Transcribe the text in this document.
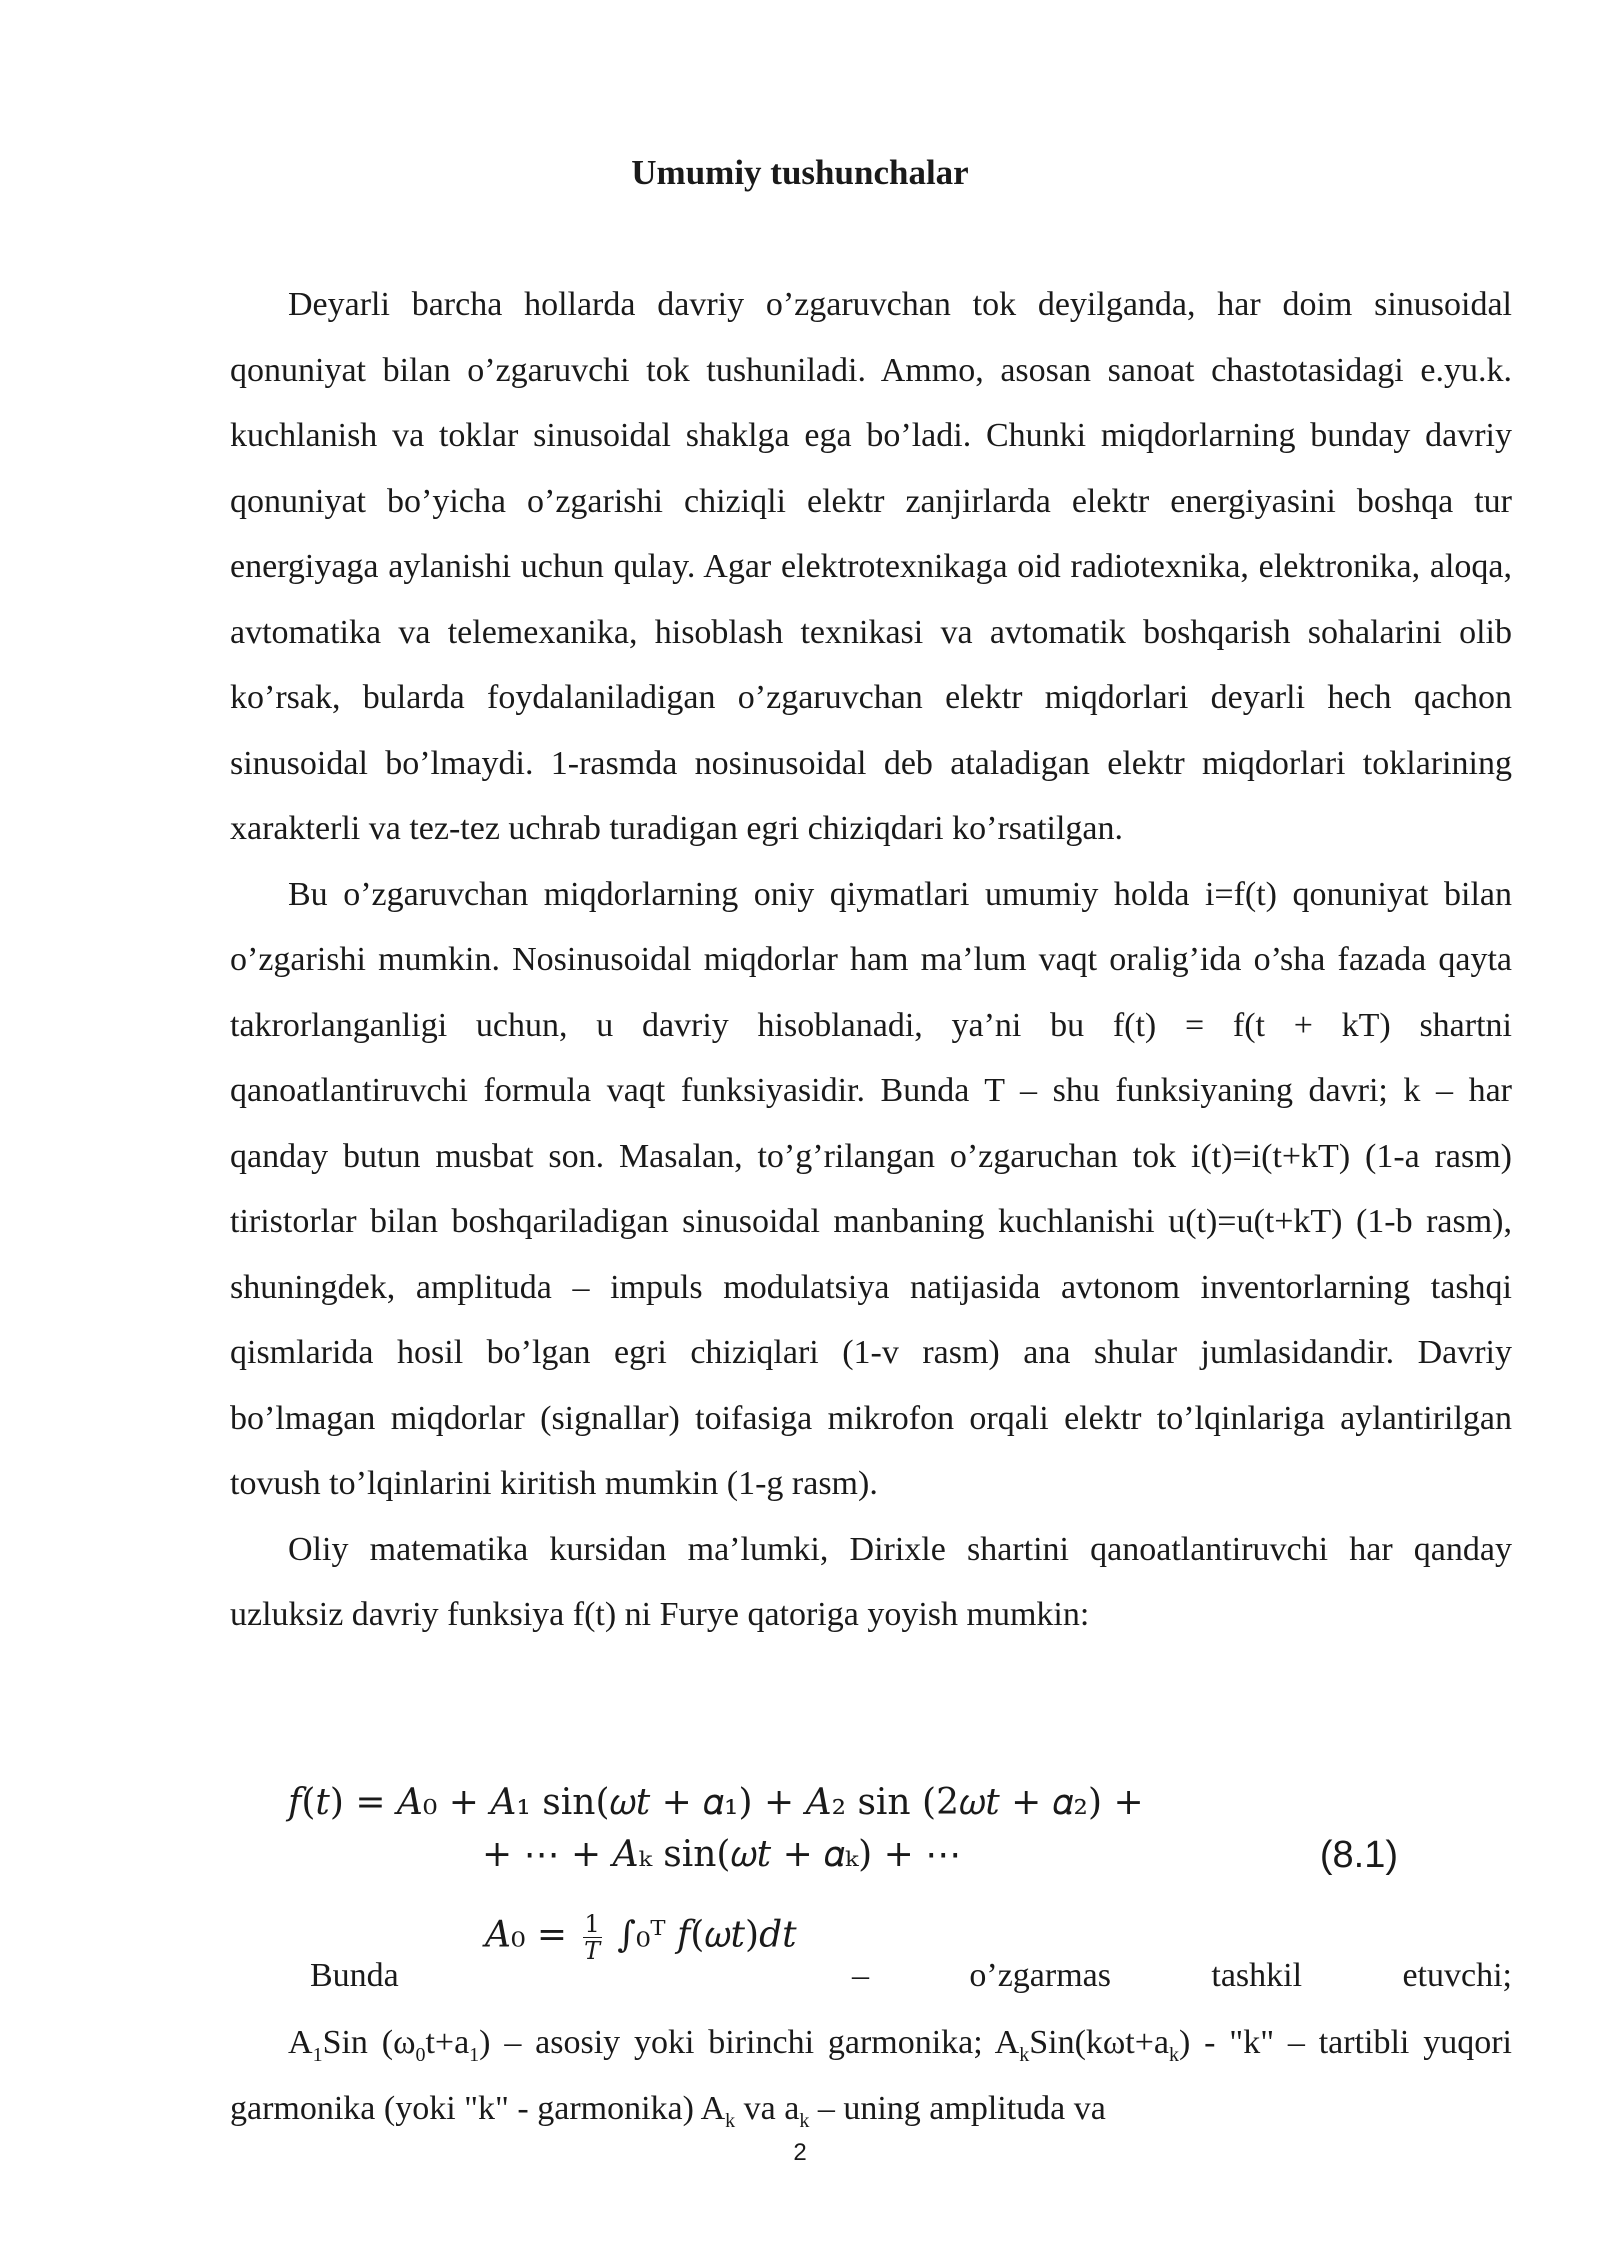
Umumiy tushunchalar

Deyarli barcha hollarda davriy o’zgaruvchan tok deyilganda, har doim sinusoidal qonuniyat bilan o’zgaruvchi tok tushuniladi. Ammo, asosan sanoat chastotasidagi e.yu.k. kuchlanish va toklar sinusoidal shaklga ega bo’ladi. Chunki miqdorlarning bunday davriy qonuniyat bo’yicha o’zgarishi chiziqli elektr zanjirlarda elektr energiyasini boshqa tur energiyaga aylanishi uchun qulay. Agar elektrotexnikaga oid radiotexnika, elektronika, aloqa, avtomatika va telemexanika, hisoblash texnikasi va avtomatik boshqarish sohalarini olib ko’rsak, bularda foydalaniladigan o’zgaruvchan elektr miqdorlari deyarli hech qachon sinusoidal bo’lmaydi. 1-rasmda nosinusoidal deb ataladigan elektr miqdorlari toklarining xarakterli va tez-tez uchrab turadigan egri chiziqdari ko’rsatilgan.

Bu o’zgaruvchan miqdorlarning oniy qiymatlari umumiy holda i=f(t) qonuniyat bilan o’zgarishi mumkin. Nosinusoidal miqdorlar ham ma’lum vaqt oralig’ida o’sha fazada qayta takrorlanganligi uchun, u davriy hisoblanadi, ya’ni bu f(t) = f(t + kT) shartni qanoatlantiruvchi formula vaqt funksiyasidir. Bunda T – shu funksiyaning davri; k – har qanday butun musbat son. Masalan, to’g’rilangan o’zgaruchan tok i(t)=i(t+kT) (1-a rasm) tiristorlar bilan boshqariladigan sinusoidal manbaning kuchlanishi u(t)=u(t+kT) (1-b rasm), shuningdek, amplituda – impuls modulatsiya natijasida avtonom inventorlarning tashqi qismlarida hosil bo’lgan egri chiziqlari (1-v rasm) ana shular jumlasidandir. Davriy bo’lmagan miqdorlar (signallar) toifasiga mikrofon orqali elektr to’lqinlariga aylantirilgan tovush to’lqinlarini kiritish mumkin (1-g rasm).

Oliy matematika kursidan ma’lumki, Dirixle shartini qanoatlantiruvchi har qanday uzluksiz davriy funksiya f(t) ni Furye qatoriga yoyish mumkin:

𝑓(𝑡) = 𝐴₀ + 𝐴₁ sin(𝜔𝑡 + 𝛼₁) + 𝐴₂ sin (2𝜔𝑡 + 𝛼₂) +
+ ⋯ + 𝐴ₖ sin(𝜔𝑡 + 𝛼ₖ) + ⋯	(8.1)
Bunda
𝐴₀ = $\frac{1}{\text{𝑇}}$ ∫₀ᵀ 𝑓(𝜔𝑡)𝑑𝑡
–	o’zgarmas	tashkil	etuvchi;

$A_1Sin$ $(\omega_0t+a_1)$ – asosiy yoki birinchi garmonika; $A_kSin(k\omega t+a_k)$ - "k" – tartibli yuqori garmonika (yoki "k" - garmonika) $A_k$ va $a_k$ – uning amplituda va

2
